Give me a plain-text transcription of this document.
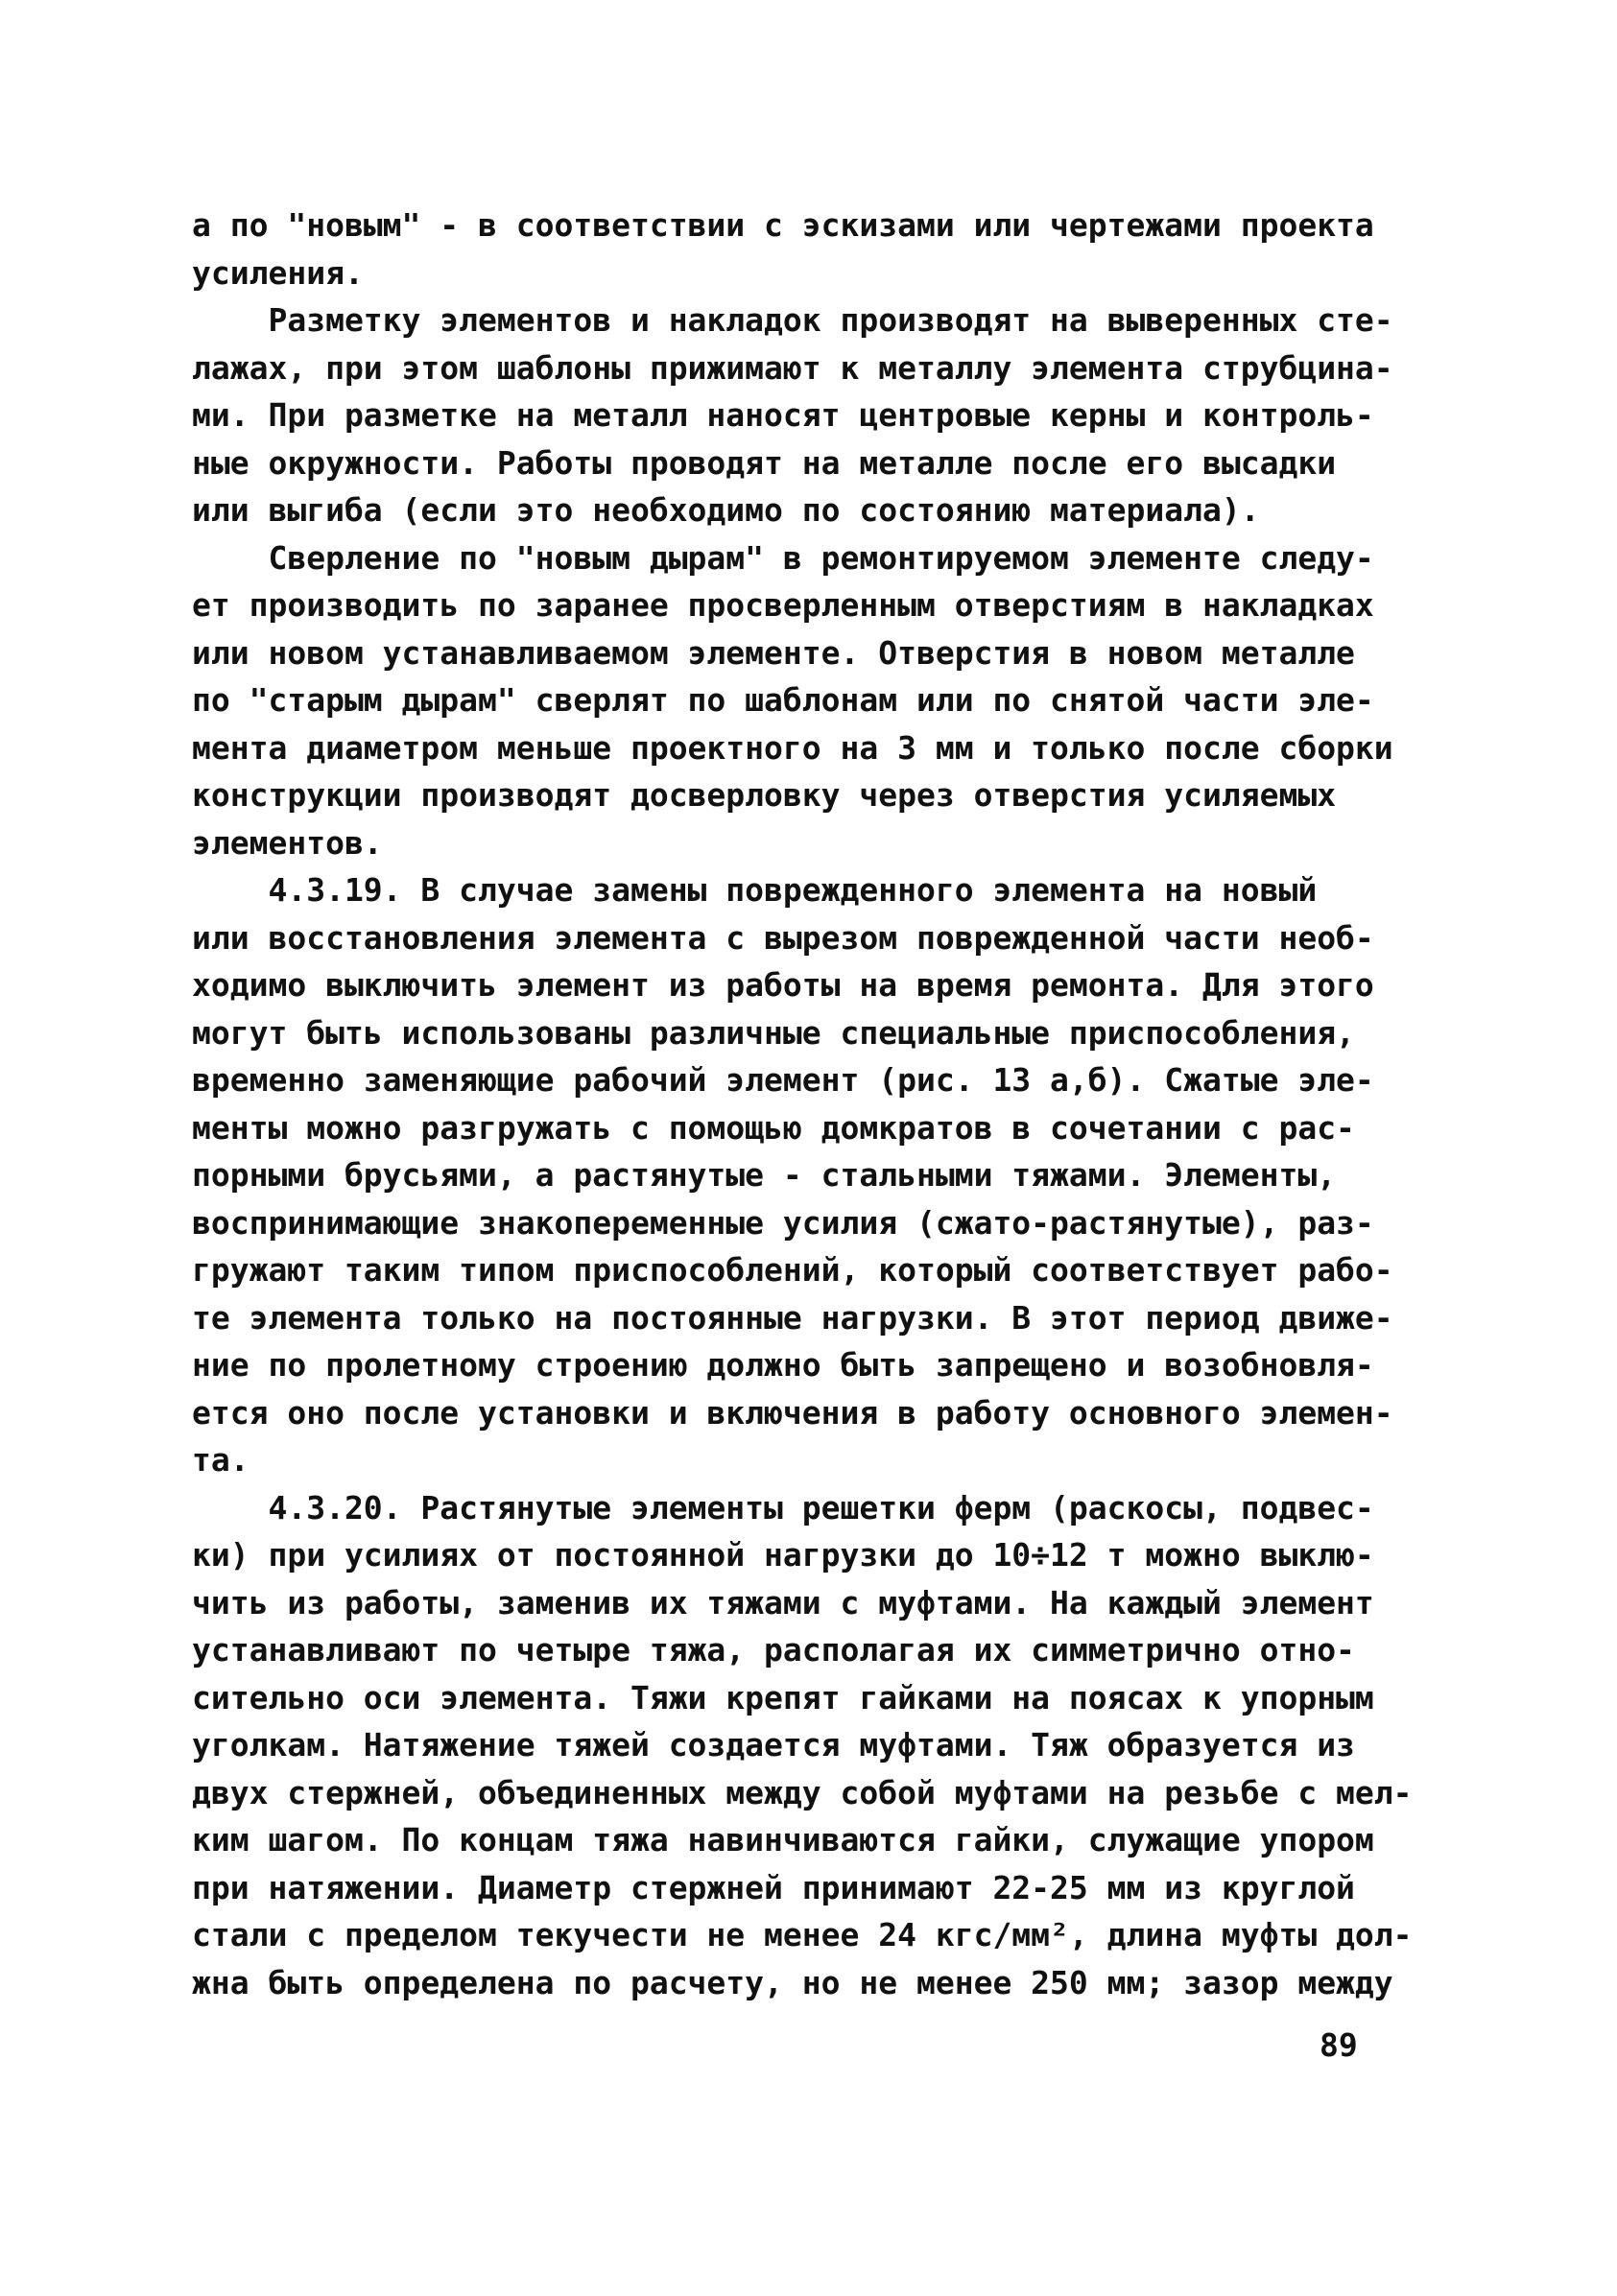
а по "новым" - в соответствии с эскизами или чертежами проекта
усиления.
Разметку элементов и накладок производят на выверенных сте-
лажах, при этом шаблоны прижимают к металлу элемента струбцина-
ми. При разметке на металл наносят центровые керны и контроль-
ные окружности. Работы проводят на металле после его высадки
или выгиба (если это необходимо по состоянию материала).
Сверление по "новым дырам" в ремонтируемом элементе следу-
ет производить по заранее просверленным отверстиям в накладках
или новом устанавливаемом элементе. Отверстия в новом металле
по "старым дырам" сверлят по шаблонам или по снятой части эле-
мента диаметром меньше проектного на 3 мм и только после сборки
конструкции производят досверловку через отверстия усиляемых
элементов.
4.3.19. В случае замены поврежденного элемента на новый
или восстановления элемента с вырезом поврежденной части необ-
ходимо выключить элемент из работы на время ремонта. Для этого
могут быть использованы различные специальные приспособления,
временно заменяющие рабочий элемент (рис. 13 а,б). Сжатые эле-
менты можно разгружать с помощью домкратов в сочетании с рас-
порными брусьями, а растянутые - стальными тяжами. Элементы,
воспринимающие знакопеременные усилия (сжато-растянутые), раз-
гружают таким типом приспособлений, который соответствует рабо-
те элемента только на постоянные нагрузки. В этот период движе-
ние по пролетному строению должно быть запрещено и возобновля-
ется оно после установки и включения в работу основного элемен-
та.
4.3.20. Растянутые элементы решетки ферм (раскосы, подвес-
ки) при усилиях от постоянной нагрузки до 10÷12 т можно выклю-
чить из работы, заменив их тяжами с муфтами. На каждый элемент
устанавливают по четыре тяжа, располагая их симметрично отно-
сительно оси элемента. Тяжи крепят гайками на поясах к упорным
уголкам. Натяжение тяжей создается муфтами. Тяж образуется из
двух стержней, объединенных между собой муфтами на резьбе с мел-
ким шагом. По концам тяжа навинчиваются гайки, служащие упором
при натяжении. Диаметр стержней принимают 22-25 мм из круглой
стали с пределом текучести не менее 24 кгс/мм², длина муфты дол-
жна быть определена по расчету, но не менее 250 мм; зазор между
89
